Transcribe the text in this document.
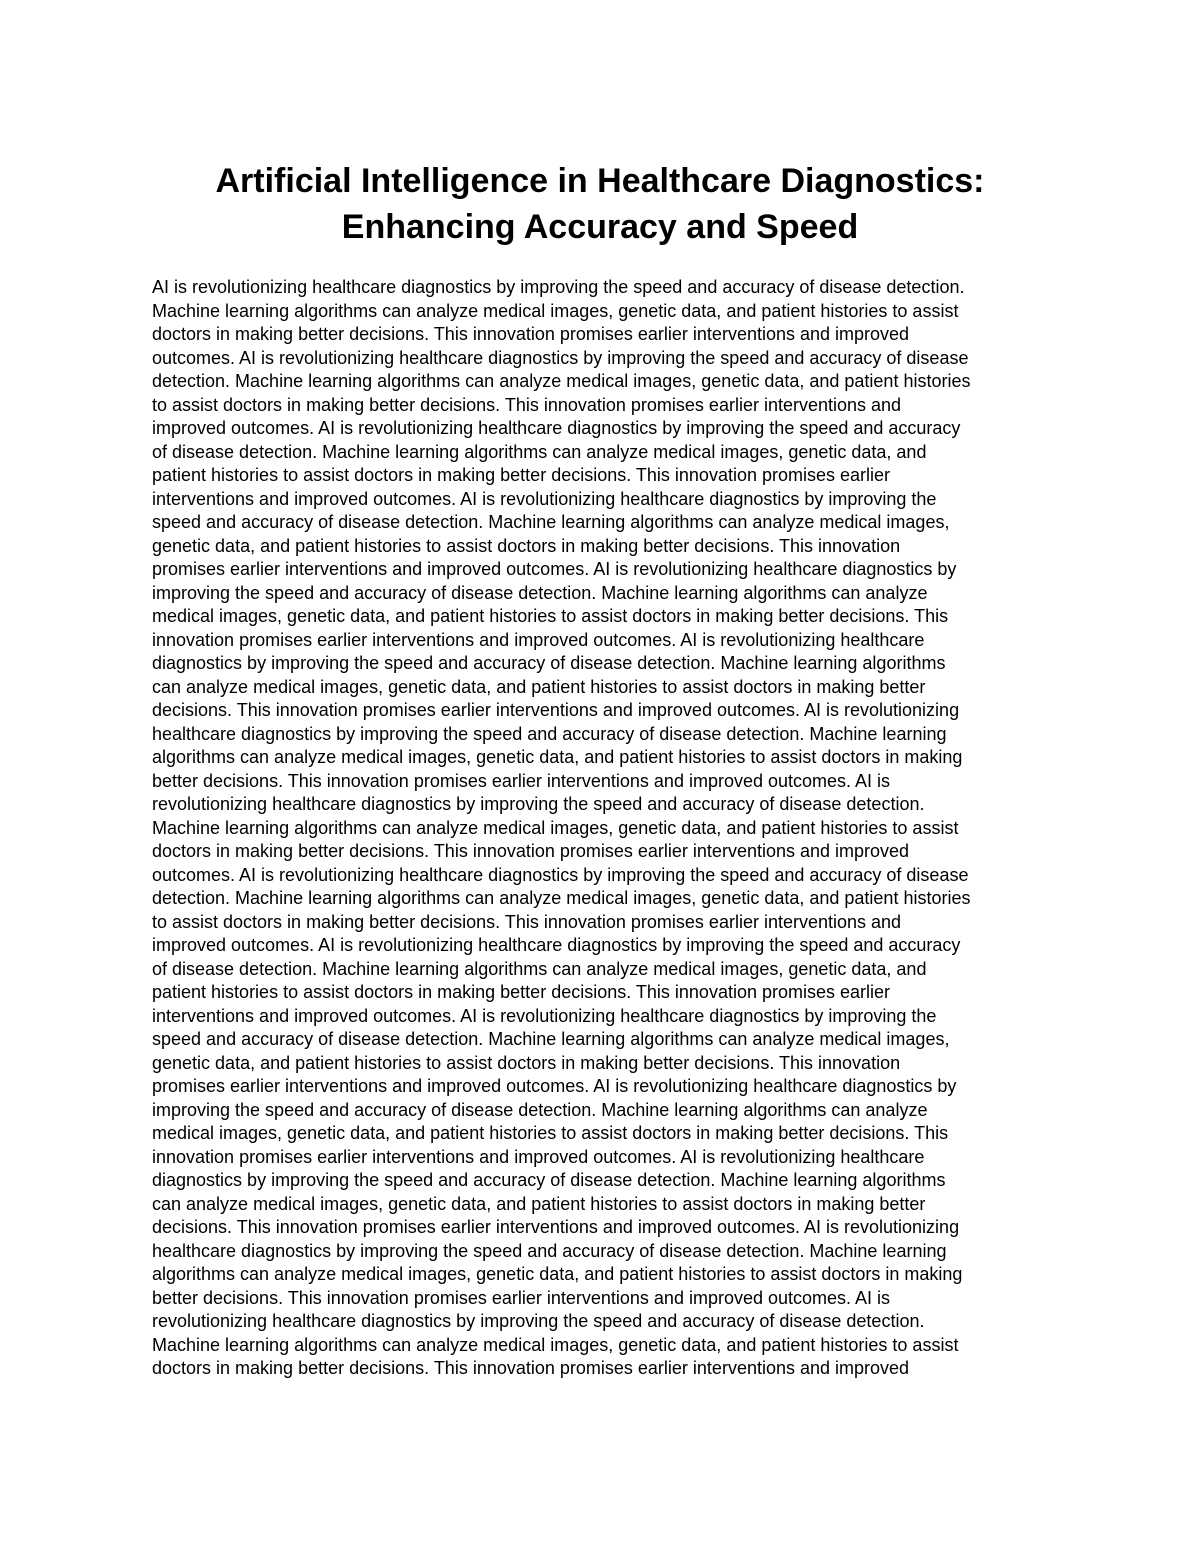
Artificial Intelligence in Healthcare Diagnostics:
Enhancing Accuracy and Speed
AI is revolutionizing healthcare diagnostics by improving the speed and accuracy of disease detection.
Machine learning algorithms can analyze medical images, genetic data, and patient histories to assist
doctors in making better decisions. This innovation promises earlier interventions and improved
outcomes. AI is revolutionizing healthcare diagnostics by improving the speed and accuracy of disease
detection. Machine learning algorithms can analyze medical images, genetic data, and patient histories
to assist doctors in making better decisions. This innovation promises earlier interventions and
improved outcomes. AI is revolutionizing healthcare diagnostics by improving the speed and accuracy
of disease detection. Machine learning algorithms can analyze medical images, genetic data, and
patient histories to assist doctors in making better decisions. This innovation promises earlier
interventions and improved outcomes. AI is revolutionizing healthcare diagnostics by improving the
speed and accuracy of disease detection. Machine learning algorithms can analyze medical images,
genetic data, and patient histories to assist doctors in making better decisions. This innovation
promises earlier interventions and improved outcomes. AI is revolutionizing healthcare diagnostics by
improving the speed and accuracy of disease detection. Machine learning algorithms can analyze
medical images, genetic data, and patient histories to assist doctors in making better decisions. This
innovation promises earlier interventions and improved outcomes. AI is revolutionizing healthcare
diagnostics by improving the speed and accuracy of disease detection. Machine learning algorithms
can analyze medical images, genetic data, and patient histories to assist doctors in making better
decisions. This innovation promises earlier interventions and improved outcomes. AI is revolutionizing
healthcare diagnostics by improving the speed and accuracy of disease detection. Machine learning
algorithms can analyze medical images, genetic data, and patient histories to assist doctors in making
better decisions. This innovation promises earlier interventions and improved outcomes. AI is
revolutionizing healthcare diagnostics by improving the speed and accuracy of disease detection.
Machine learning algorithms can analyze medical images, genetic data, and patient histories to assist
doctors in making better decisions. This innovation promises earlier interventions and improved
outcomes. AI is revolutionizing healthcare diagnostics by improving the speed and accuracy of disease
detection. Machine learning algorithms can analyze medical images, genetic data, and patient histories
to assist doctors in making better decisions. This innovation promises earlier interventions and
improved outcomes. AI is revolutionizing healthcare diagnostics by improving the speed and accuracy
of disease detection. Machine learning algorithms can analyze medical images, genetic data, and
patient histories to assist doctors in making better decisions. This innovation promises earlier
interventions and improved outcomes. AI is revolutionizing healthcare diagnostics by improving the
speed and accuracy of disease detection. Machine learning algorithms can analyze medical images,
genetic data, and patient histories to assist doctors in making better decisions. This innovation
promises earlier interventions and improved outcomes. AI is revolutionizing healthcare diagnostics by
improving the speed and accuracy of disease detection. Machine learning algorithms can analyze
medical images, genetic data, and patient histories to assist doctors in making better decisions. This
innovation promises earlier interventions and improved outcomes. AI is revolutionizing healthcare
diagnostics by improving the speed and accuracy of disease detection. Machine learning algorithms
can analyze medical images, genetic data, and patient histories to assist doctors in making better
decisions. This innovation promises earlier interventions and improved outcomes. AI is revolutionizing
healthcare diagnostics by improving the speed and accuracy of disease detection. Machine learning
algorithms can analyze medical images, genetic data, and patient histories to assist doctors in making
better decisions. This innovation promises earlier interventions and improved outcomes. AI is
revolutionizing healthcare diagnostics by improving the speed and accuracy of disease detection.
Machine learning algorithms can analyze medical images, genetic data, and patient histories to assist
doctors in making better decisions. This innovation promises earlier interventions and improved
